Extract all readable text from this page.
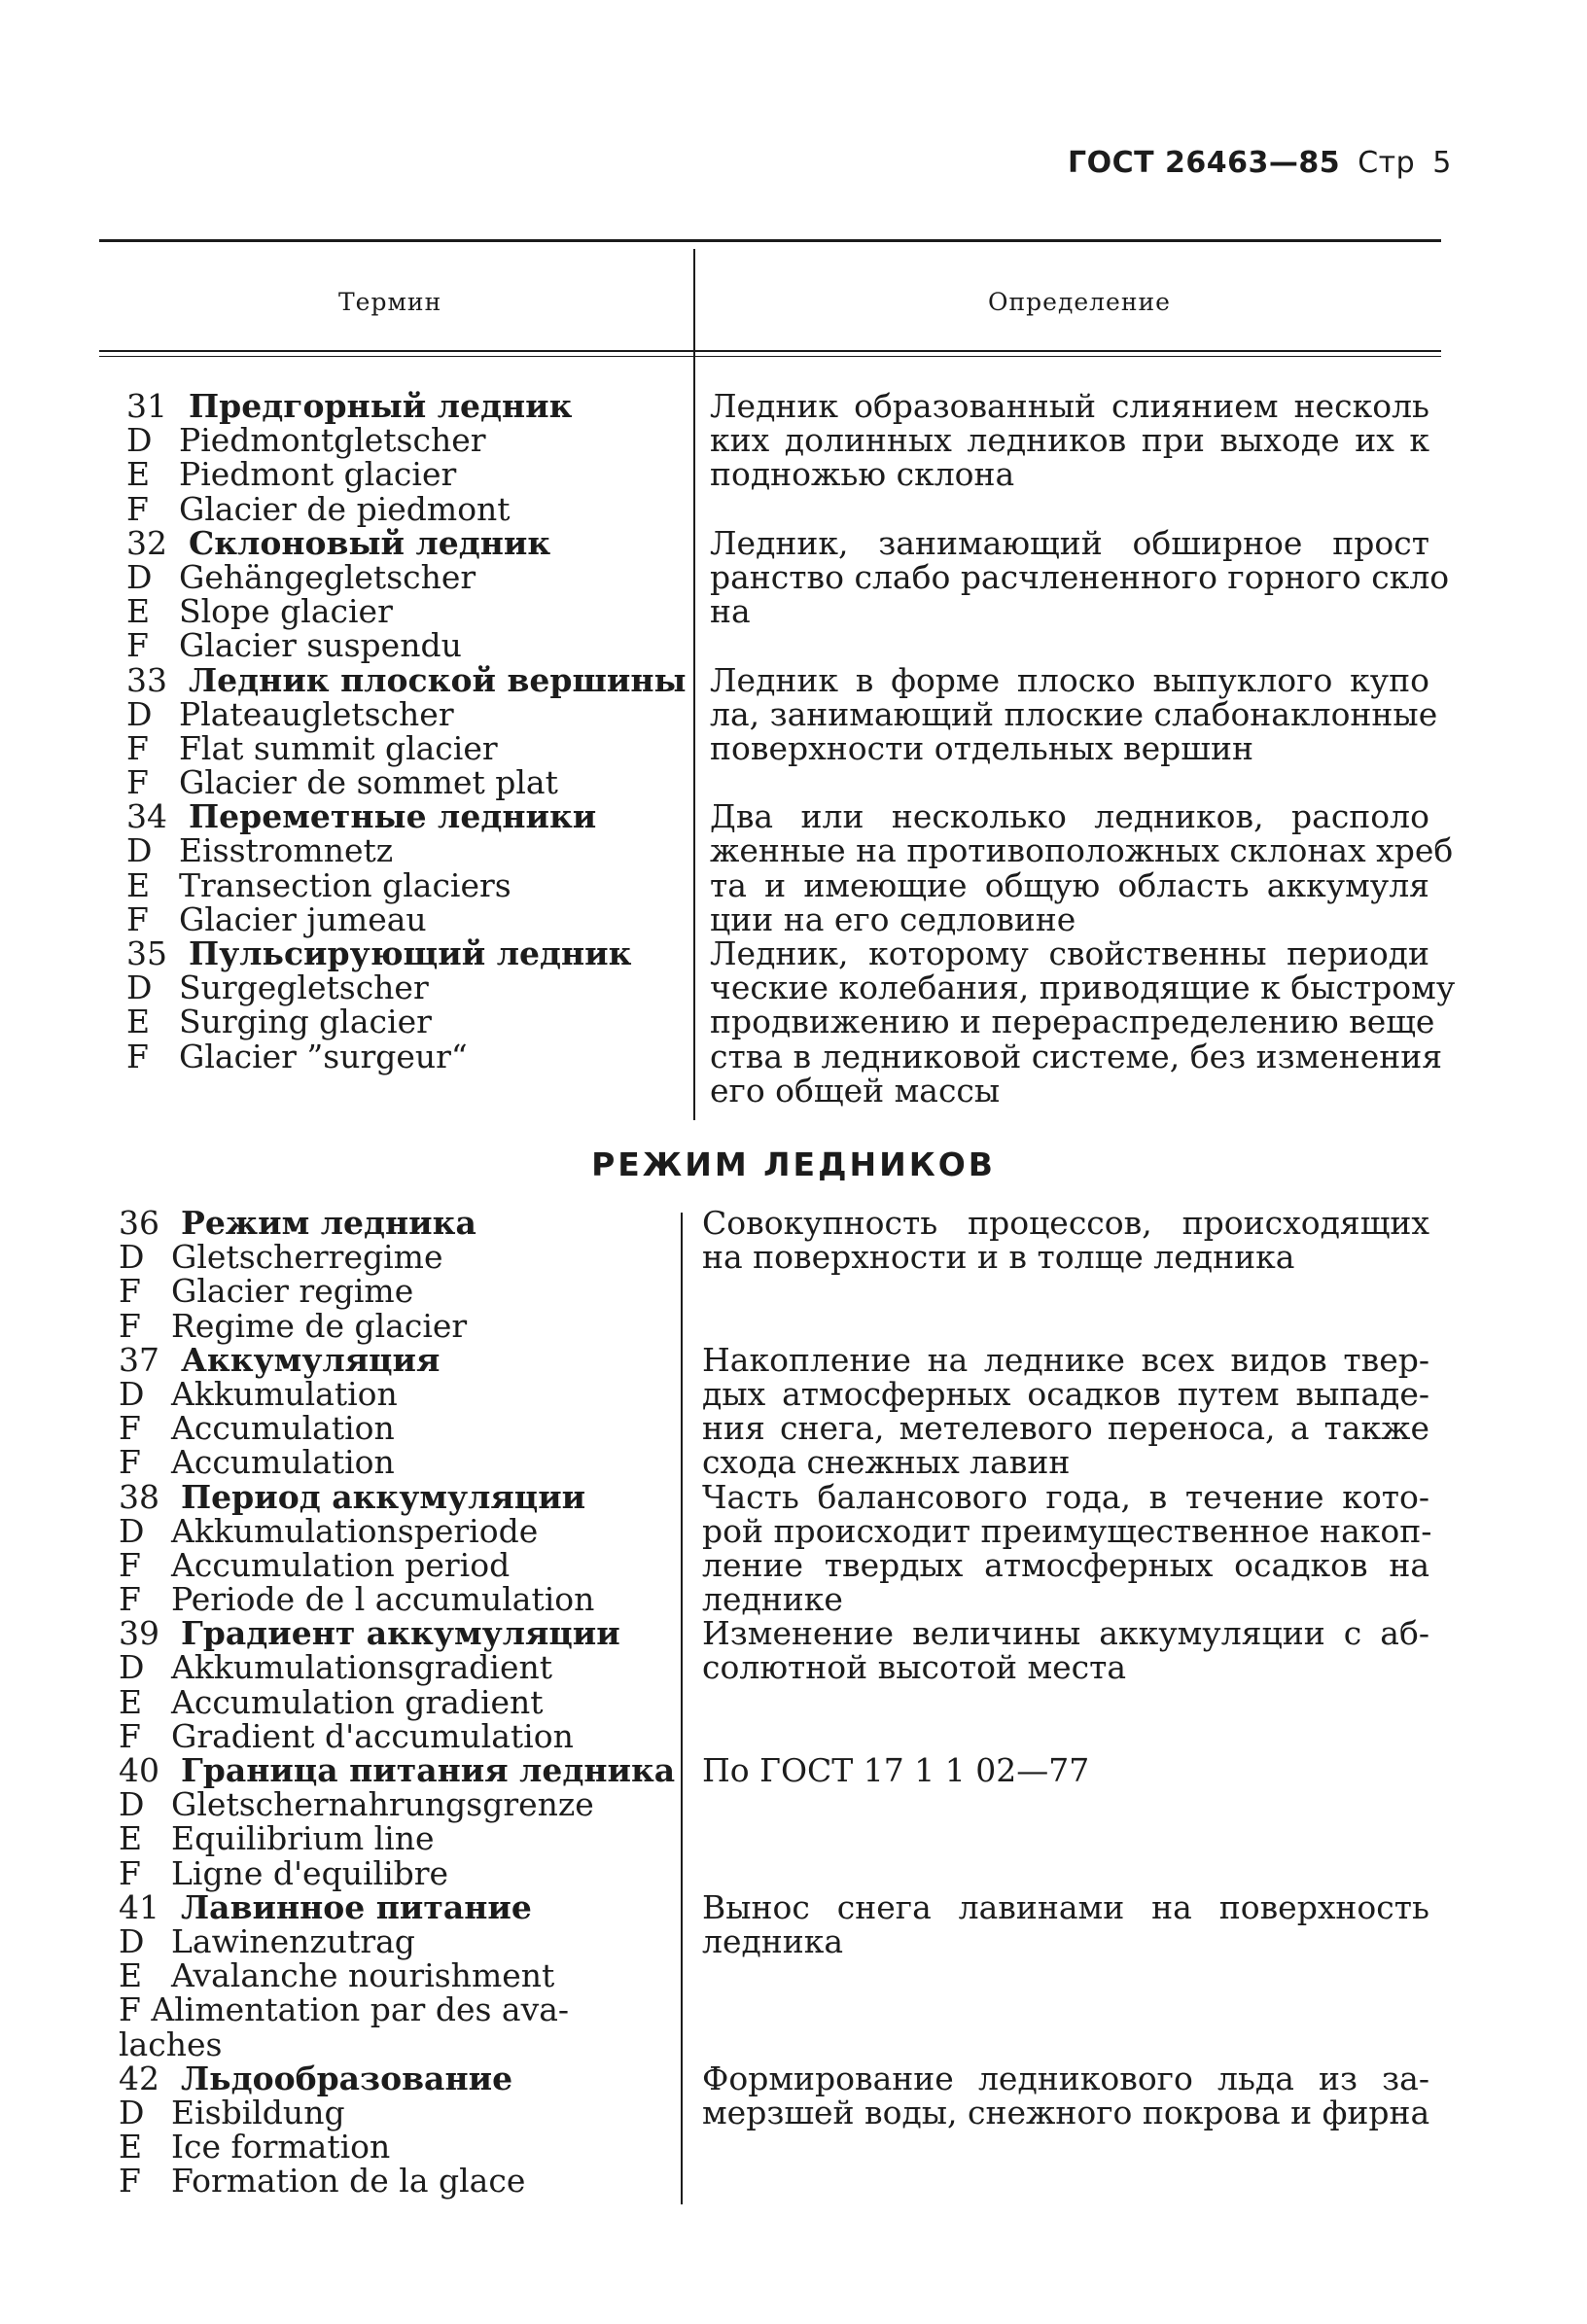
ГОСТ 26463—85 Стр 5
Термин	Определение
31 Предгорный ледник
D Piedmontgletscher
E Piedmont glacier
F Glacier de piedmont
32 Склоновый ледник
D Gehängegletscher
E Slope glacier
F Glacier suspendu
33 Ледник плоской вершины
D Plateaugletscher
F Flat summit glacier
F Glacier de sommet plat
34 Переметные ледники
D Eisstromnetz
E Transection glaciers
F Glacier jumeau
35 Пульсирующий ледник
D Surgegletscher
E Surging glacier
F Glacier ”surgeur“
Ледник образованный слиянием несколь
ких долинных ледников при выходе их к
подножью склона
Ледник, занимающий обширное прост
ранство слабо расчлененного горного скло
на
Ледник в форме плоско выпуклого купо
ла, занимающий плоские слабонаклонные
поверхности отдельных вершин
Два или несколько ледников, располо
женные на противоположных склонах хреб
та и имеющие общую область аккумуля
ции на его седловине
Ледник, которому свойственны периоди
ческие колебания, приводящие к быстрому
продвижению и перераспределению веще
ства в ледниковой системе, без изменения
его общей массы
РЕЖИМ ЛЕДНИКОВ
36 Режим ледника
D Gletscherregime
F Glacier regime
F Regime de glacier
37 Аккумуляция
D Akkumulation
F Accumulation
F Accumulation
38 Период аккумуляции
D Akkumulationsperiode
F Accumulation period
F Periode de l accumulation
39 Градиент аккумуляции
D Akkumulationsgradient
E Accumulation gradient
F Gradient d'accumulation
40 Граница питания ледника
D Gletschernahrungsgrenze
E Equilibrium line
F Ligne d'equilibre
41 Лавинное питание
D Lawinenzutrag
E Avalanche nourishment
F Alimentation par des ava-
laches
42 Льдообразование
D Eisbildung
E Ice formation
F Formation de la glace
Совокупность процессов, происходящих
на поверхности и в толще ледника
Накопление на леднике всех видов твер-
дых атмосферных осадков путем выпаде-
ния снега, метелевого переноса, а также
схода снежных лавин
Часть балансового года, в течение кото-
рой происходит преимущественное накоп-
ление твердых атмосферных осадков на
леднике
Изменение величины аккумуляции с аб-
солютной высотой места
По ГОСТ 17 1 1 02—77
Вынос снега лавинами на поверхность
ледника
Формирование ледникового льда из за-
мерзшей воды, снежного покрова и фирна
